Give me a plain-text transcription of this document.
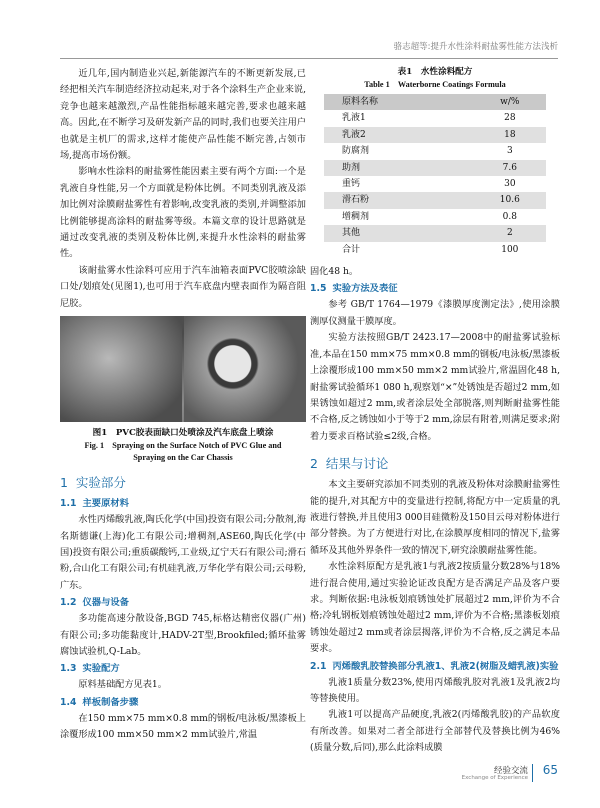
骆志超等:提升水性涂料耐盐雾性能方法浅析

近几年,国内制造业兴起,新能源汽车的不断更新发展,已经把相关汽车制造经济拉动起来,对于各个涂料生产企业来说,竞争也越来越激烈,产品性能指标越来越完善,要求也越来越高。因此,在不断学习及研发新产品的同时,我们也要关注用户也就是主机厂的需求,这样才能使产品性能不断完善,占领市场,提高市场份额。

影响水性涂料的耐盐雾性能因素主要有两个方面:一个是乳液自身性能,另一个方面就是粉体比例。不同类别乳液及添加比例对涂膜耐盐雾性有着影响,改变乳液的类别,并调整添加比例能够提高涂料的耐盐雾等级。本篇文章的设计思路就是通过改变乳液的类别及粉体比例,来提升水性涂料的耐盐雾性。

该耐盐雾水性涂料可应用于汽车油箱表面PVC胶喷涂缺口处/划痕处(见图1),也可用于汽车底盘内壁表面作为隔音阻尼胶。

图1　PVC胶表面缺口处喷涂及汽车底盘上喷涂
Fig. 1　Spraying on the Surface Notch of PVC Glue and
Spraying on the Car Chassis
1 实验部分
1.1 主要原材料

水性丙烯酸乳液,陶氏化学(中国)投资有限公司;分散剂,海名斯德谦(上海)化工有限公司;增稠剂,ASE60,陶氏化学(中国)投资有限公司;重质碳酸钙,工业级,辽宁天石有限公司;滑石粉,合山化工有限公司;有机硅乳液,万华化学有限公司;云母粉,广东。

1.2 仪器与设备

多功能高速分散设备,BGD 745,标格达精密仪器(广州)有限公司;多功能黏度计,HADV-2T型,Brookfiled;循环盐雾腐蚀试验机,Q-Lab。

1.3 实验配方

原料基础配方见表1。

1.4 样板制备步骤

在150 mm×75 mm×0.8 mm的钢板/电泳板/黑漆板上涂覆形成100 mm×50 mm×2 mm试验片,常温

表1　水性涂料配方
Table 1　Waterborne Coatings Formula
原料名称	w/%
乳液1	28
乳液2	18
防腐剂	3
助剂	7.6
重钙	30
滑石粉	10.6
增稠剂	0.8
其他	2
合计	100

固化48 h。

1.5 实验方法及表征

参考 GB/T 1764—1979《漆膜厚度测定法》,使用涂膜测厚仪测量干膜厚度。

实验方法按照GB/T 2423.17—2008中的耐盐雾试验标准,本品在150 mm×75 mm×0.8 mm的钢板/电泳板/黑漆板上涂覆形成100 mm×50 mm×2 mm试验片,常温固化48 h,耐盐雾试验循环1 080 h,观察划“×”处锈蚀是否超过2 mm,如果锈蚀如超过2 mm,或者涂层处全部脱落,则判断耐盐雾性能不合格,反之锈蚀如小于等于2 mm,涂层有附着,则满足要求;附着力要求百格试验≤2级,合格。

2 结果与讨论

本文主要研究添加不同类别的乳液及粉体对涂膜耐盐雾性能的提升,对其配方中的变量进行控制,将配方中一定质量的乳液进行替换,并且使用3 000目硅微粉及150目云母对粉体进行部分替换。为了方便进行对比,在涂膜厚度相同的情况下,盐雾循环及其他外界条件一致的情况下,研究涂膜耐盐雾性能。

水性涂料原配方是乳液1与乳液2按质量分数28%与18%进行混合使用,通过实验论证改良配方是否满足产品及客户要求。判断依据:电泳板划痕锈蚀处扩展超过2 mm,评价为不合格;冷轧钢板划痕锈蚀处超过2 mm,评价为不合格;黑漆板划痕锈蚀处超过2 mm或者涂层揭落,评价为不合格,反之满足本品要求。

2.1 丙烯酸乳胶替换部分乳液1、乳液2(树脂及蜡乳液)实验

乳液1质量分数23%,使用丙烯酸乳胶对乳液1及乳液2均等替换使用。

乳液1可以提高产品硬度,乳液2(丙烯酸乳胶)的产品软度有所改善。如果对二者全部进行全部替代及替换比例为46%(质量分数,后同),那么此涂料成膜

经验交流
Exchange of Experience
65
